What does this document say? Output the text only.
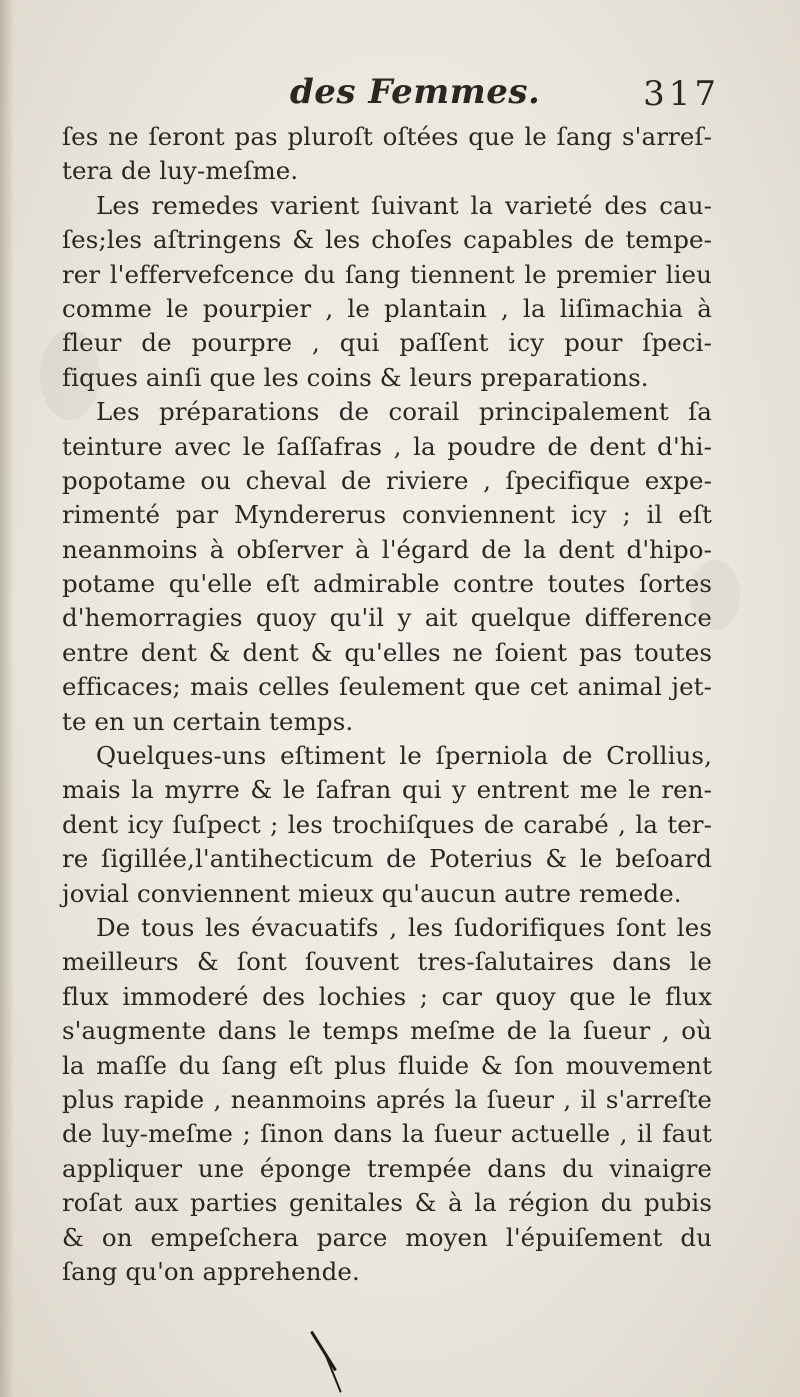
des Femmes.	317
ſes ne ſeront pas pluroſt oſtées que le ſang s'arreſ-
tera de luy-meſme.
Les remedes varient ſuivant la varieté des cau-
ſes;les aſtringens & les choſes capables de tempe-
rer l'effervefcence du ſang tiennent le premier lieu
comme le pourpier , le plantain , la liſimachia à
fleur de pourpre , qui paſſent icy pour ſpeci-
fiques ainſi que les coins & leurs preparations.
Les préparations de corail principalement ſa
teinture avec le ſaſſafras , la poudre de dent d'hi-
popotame ou cheval de riviere , ſpecifique expe-
rimenté par Myndererus conviennent icy ; il eſt
neanmoins à obſerver à l'égard de la dent d'hipo-
potame qu'elle eſt admirable contre toutes ſortes
d'hemorragies quoy qu'il y ait quelque difference
entre dent & dent & qu'elles ne ſoient pas toutes
efficaces; mais celles ſeulement que cet animal jet-
te en un certain temps.
Quelques-uns eſtiment le ſperniola de Crollius,
mais la myrre & le ſafran qui y entrent me le ren-
dent icy ſuſpect ; les trochiſques de carabé , la ter-
re ſigillée,l'antihecticum de Poterius & le beſoard
jovial conviennent mieux qu'aucun autre remede.
De tous les évacuatifs , les ſudorifiques ſont les
meilleurs & ſont ſouvent tres-ſalutaires dans le
flux immoderé des lochies ; car quoy que le flux
s'augmente dans le temps meſme de la ſueur , où
la maſſe du ſang eſt plus fluide & ſon mouvement
plus rapide , neanmoins aprés la ſueur , il s'arreſte
de luy-meſme ; ſinon dans la ſueur actuelle , il faut
appliquer une éponge trempée dans du vinaigre
roſat aux parties genitales & à la région du pubis
& on empeſchera parce moyen l'épuiſement du
ſang qu'on apprehende.
